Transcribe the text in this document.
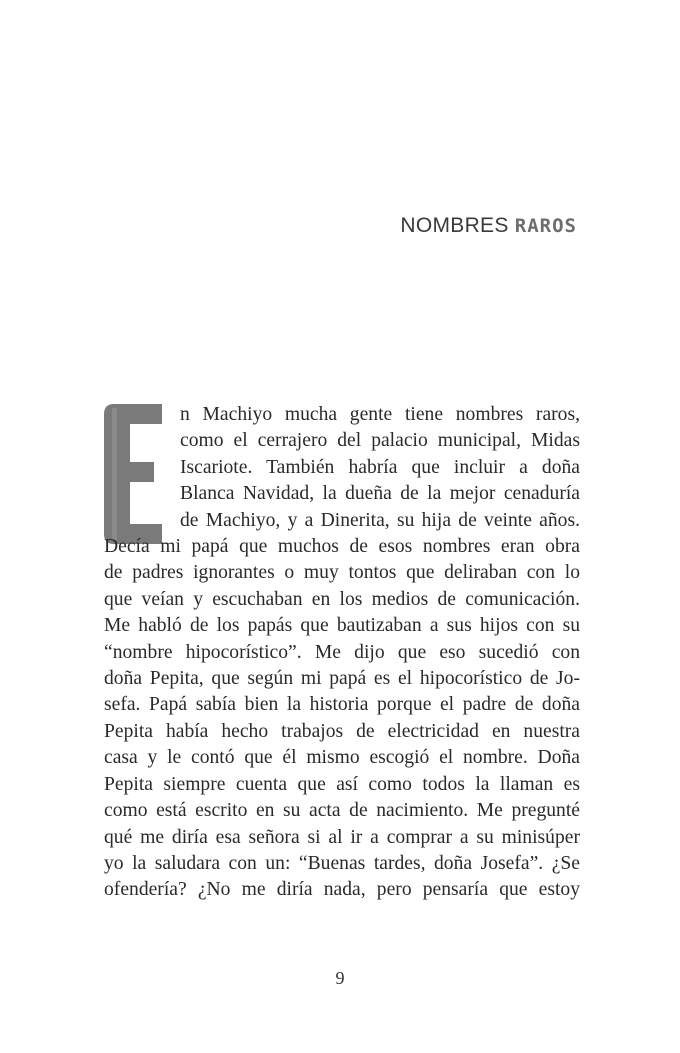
NOMBRES RAROS
n Machiyo mucha gente tiene nombres raros,
como el cerrajero del palacio municipal, Midas
Iscariote. También habría que incluir a doña
Blanca Navidad, la dueña de la mejor cenaduría
de Machiyo, y a Dinerita, su hija de veinte años.
Decía mi papá que muchos de esos nombres eran obra
de padres ignorantes o muy tontos que deliraban con lo
que veían y escuchaban en los medios de comunicación.
Me habló de los papás que bautizaban a sus hijos con su
“nombre hipocorístico”. Me dijo que eso sucedió con
doña Pepita, que según mi papá es el hipocorístico de Jo-
sefa. Papá sabía bien la historia porque el padre de doña
Pepita había hecho trabajos de electricidad en nuestra
casa y le contó que él mismo escogió el nombre. Doña
Pepita siempre cuenta que así como todos la llaman es
como está escrito en su acta de nacimiento. Me pregunté
qué me diría esa señora si al ir a comprar a su minisúper
yo la saludara con un: “Buenas tardes, doña Josefa”. ¿Se
ofendería? ¿No me diría nada, pero pensaría que estoy
9
